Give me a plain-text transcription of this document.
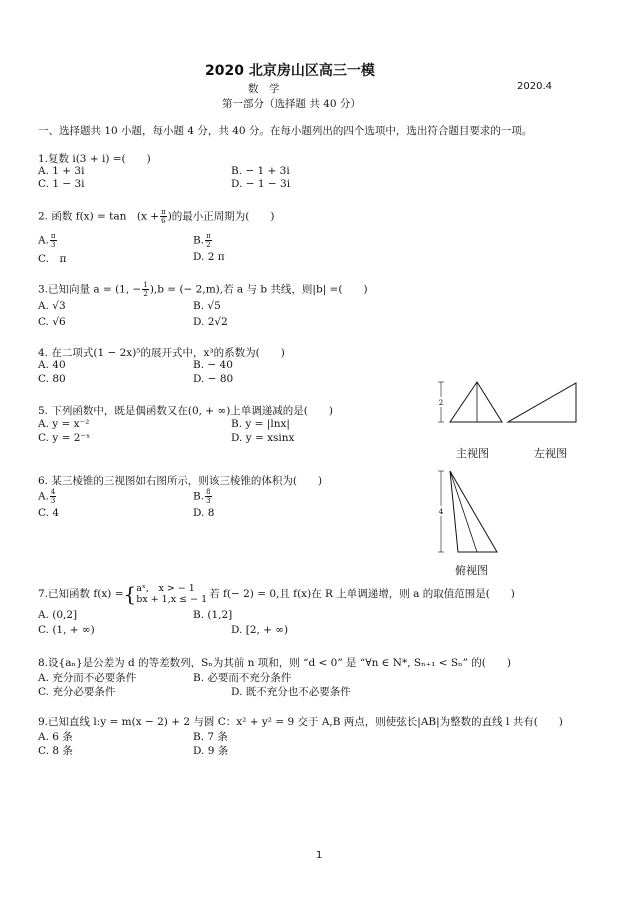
2020 北京房山区高三一模
数　学	2020.4
第一部分（选择题 共 40 分）
一、选择题共 10 小题，每小题 4 分，共 40 分。在每小题列出的四个选项中，选出符合题目要求的一项。
1.复数 i(3 + i) =(　　)
A. 1 + 3i	B. − 1 + 3i
C. 1 − 3i	D. − 1 − 3i
2. 函数 f(x) = tan　($x + \frac{\pi}{6}$ )的最小正周期为(　　)
A. $\frac{\pi}{3}$	B. $\frac{\pi}{2}$
C.　π	D. 2 π
3.已知向量 a = (1, − $\frac{1}{2} ),b$ = (− 2,m),若 a 与 b 共线，则|b| =(　　)
A. √3	B. √5
C. √6	D. 2√2
4. 在二项式(1 − 2x)⁵的展开式中，x³的系数为(　　)
A. 40	B. − 40
C. 80	D. − 80
5. 下列函数中，既是偶函数又在(0, + ∞)上单调递减的是(　　)
A. y = x⁻²	B. y = |lnx|
C. y = 2⁻ˣ	D. y = xsinx
6. 某三棱锥的三视图如右图所示，则该三棱锥的体积为(　　)
A. $\frac{4}{3}$	B. $\frac{8}{3}$
C. 4	D. 8
2
4
主视图	左视图
俯视图
7.已知函数 f(x) ={ aˣ,　x > − 1
bx + 1,x ≤ − 1 若 f(− 2) = 0,且 f(x)在 R 上单调递增，则 a 的取值范围是(　　)
A. (0,2]	B. (1,2]
C. (1, + ∞)	D. [2, + ∞)
8.设{aₙ}是公差为 d 的等差数列，Sₙ为其前 n 项和，则 “d < 0” 是 “∀n ∈ N*, Sₙ₊₁ < Sₙ” 的(　　)
A. 充分而不必要条件	B. 必要而不充分条件
C. 充分必要条件	D. 既不充分也不必要条件
9.已知直线 l:y = m(x − 2) + 2 与圆 C：x² + y² = 9 交于 A,B 两点，则使弦长|AB|为整数的直线 l 共有(　　)
A. 6 条	B. 7 条
C. 8 条	D. 9 条
1
